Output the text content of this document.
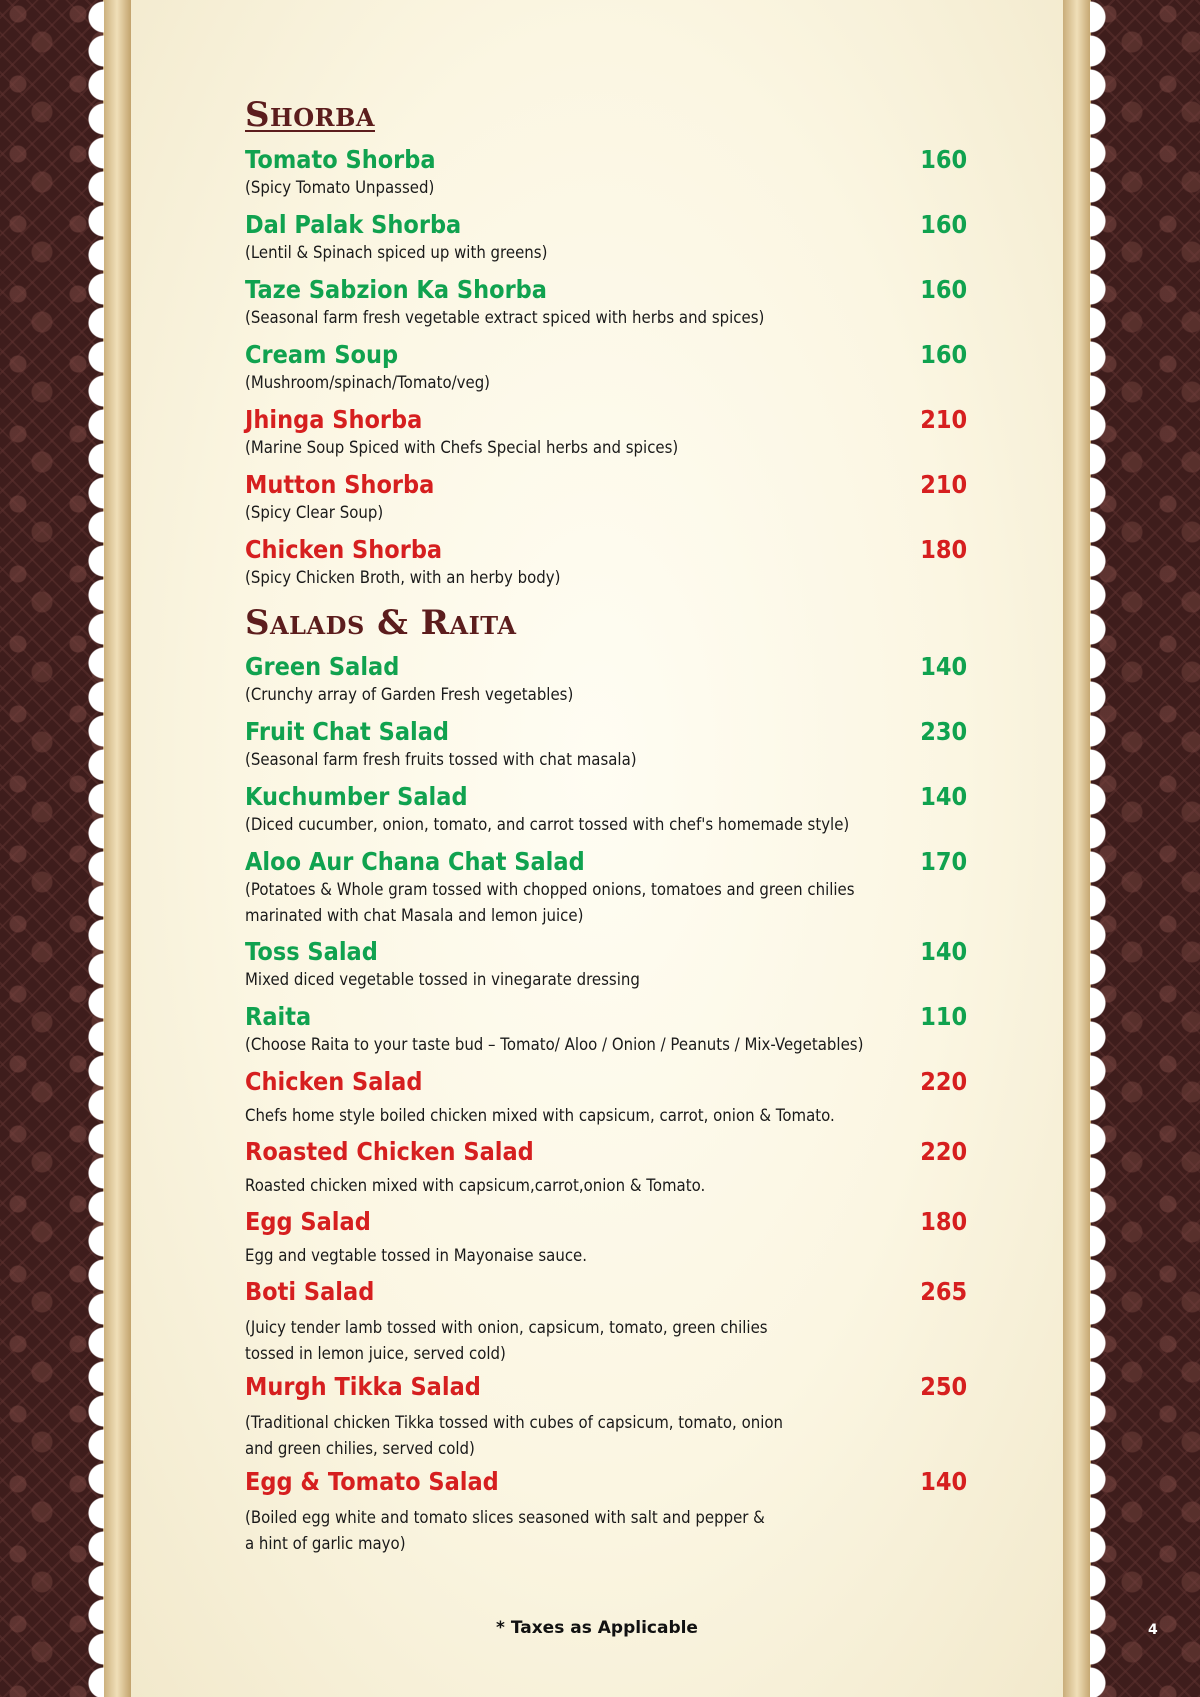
Shorba
Tomato Shorba	160

(Spicy Tomato Unpassed)

Dal Palak Shorba	160

(Lentil & Spinach spiced up with greens)

Taze Sabzion Ka Shorba	160

(Seasonal farm fresh vegetable extract spiced with herbs and spices)

Cream Soup	160

(Mushroom/spinach/Tomato/veg)

Jhinga Shorba	210

(Marine Soup Spiced with Chefs Special herbs and spices)

Mutton Shorba	210

(Spicy Clear Soup)

Chicken Shorba	180

(Spicy Chicken Broth, with an herby body)

Salads & Raita
Green Salad	140

(Crunchy array of Garden Fresh vegetables)

Fruit Chat Salad	230

(Seasonal farm fresh fruits tossed with chat masala)

Kuchumber Salad	140

(Diced cucumber, onion, tomato, and carrot tossed with chef's homemade style)

Aloo Aur Chana Chat Salad	170

(Potatoes & Whole gram tossed with chopped onions, tomatoes and green chilies marinated with chat Masala and lemon juice)

Toss Salad	140

Mixed diced vegetable tossed in vinegarate dressing

Raita	110

(Choose Raita to your taste bud – Tomato/ Aloo / Onion / Peanuts / Mix-Vegetables)

Chicken Salad	220

Chefs home style boiled chicken mixed with capsicum, carrot, onion & Tomato.

Roasted Chicken Salad	220

Roasted chicken mixed with capsicum,carrot,onion & Tomato.

Egg Salad	180

Egg and vegtable tossed in Mayonaise sauce.

Boti Salad	265

(Juicy tender lamb tossed with onion, capsicum, tomato, green chilies tossed in lemon juice, served cold)

Murgh Tikka Salad	250

(Traditional chicken Tikka tossed with cubes of capsicum, tomato, onion and green chilies, served cold)

Egg & Tomato Salad	140

(Boiled egg white and tomato slices seasoned with salt and pepper & a hint of garlic mayo)

* Taxes as Applicable	4
